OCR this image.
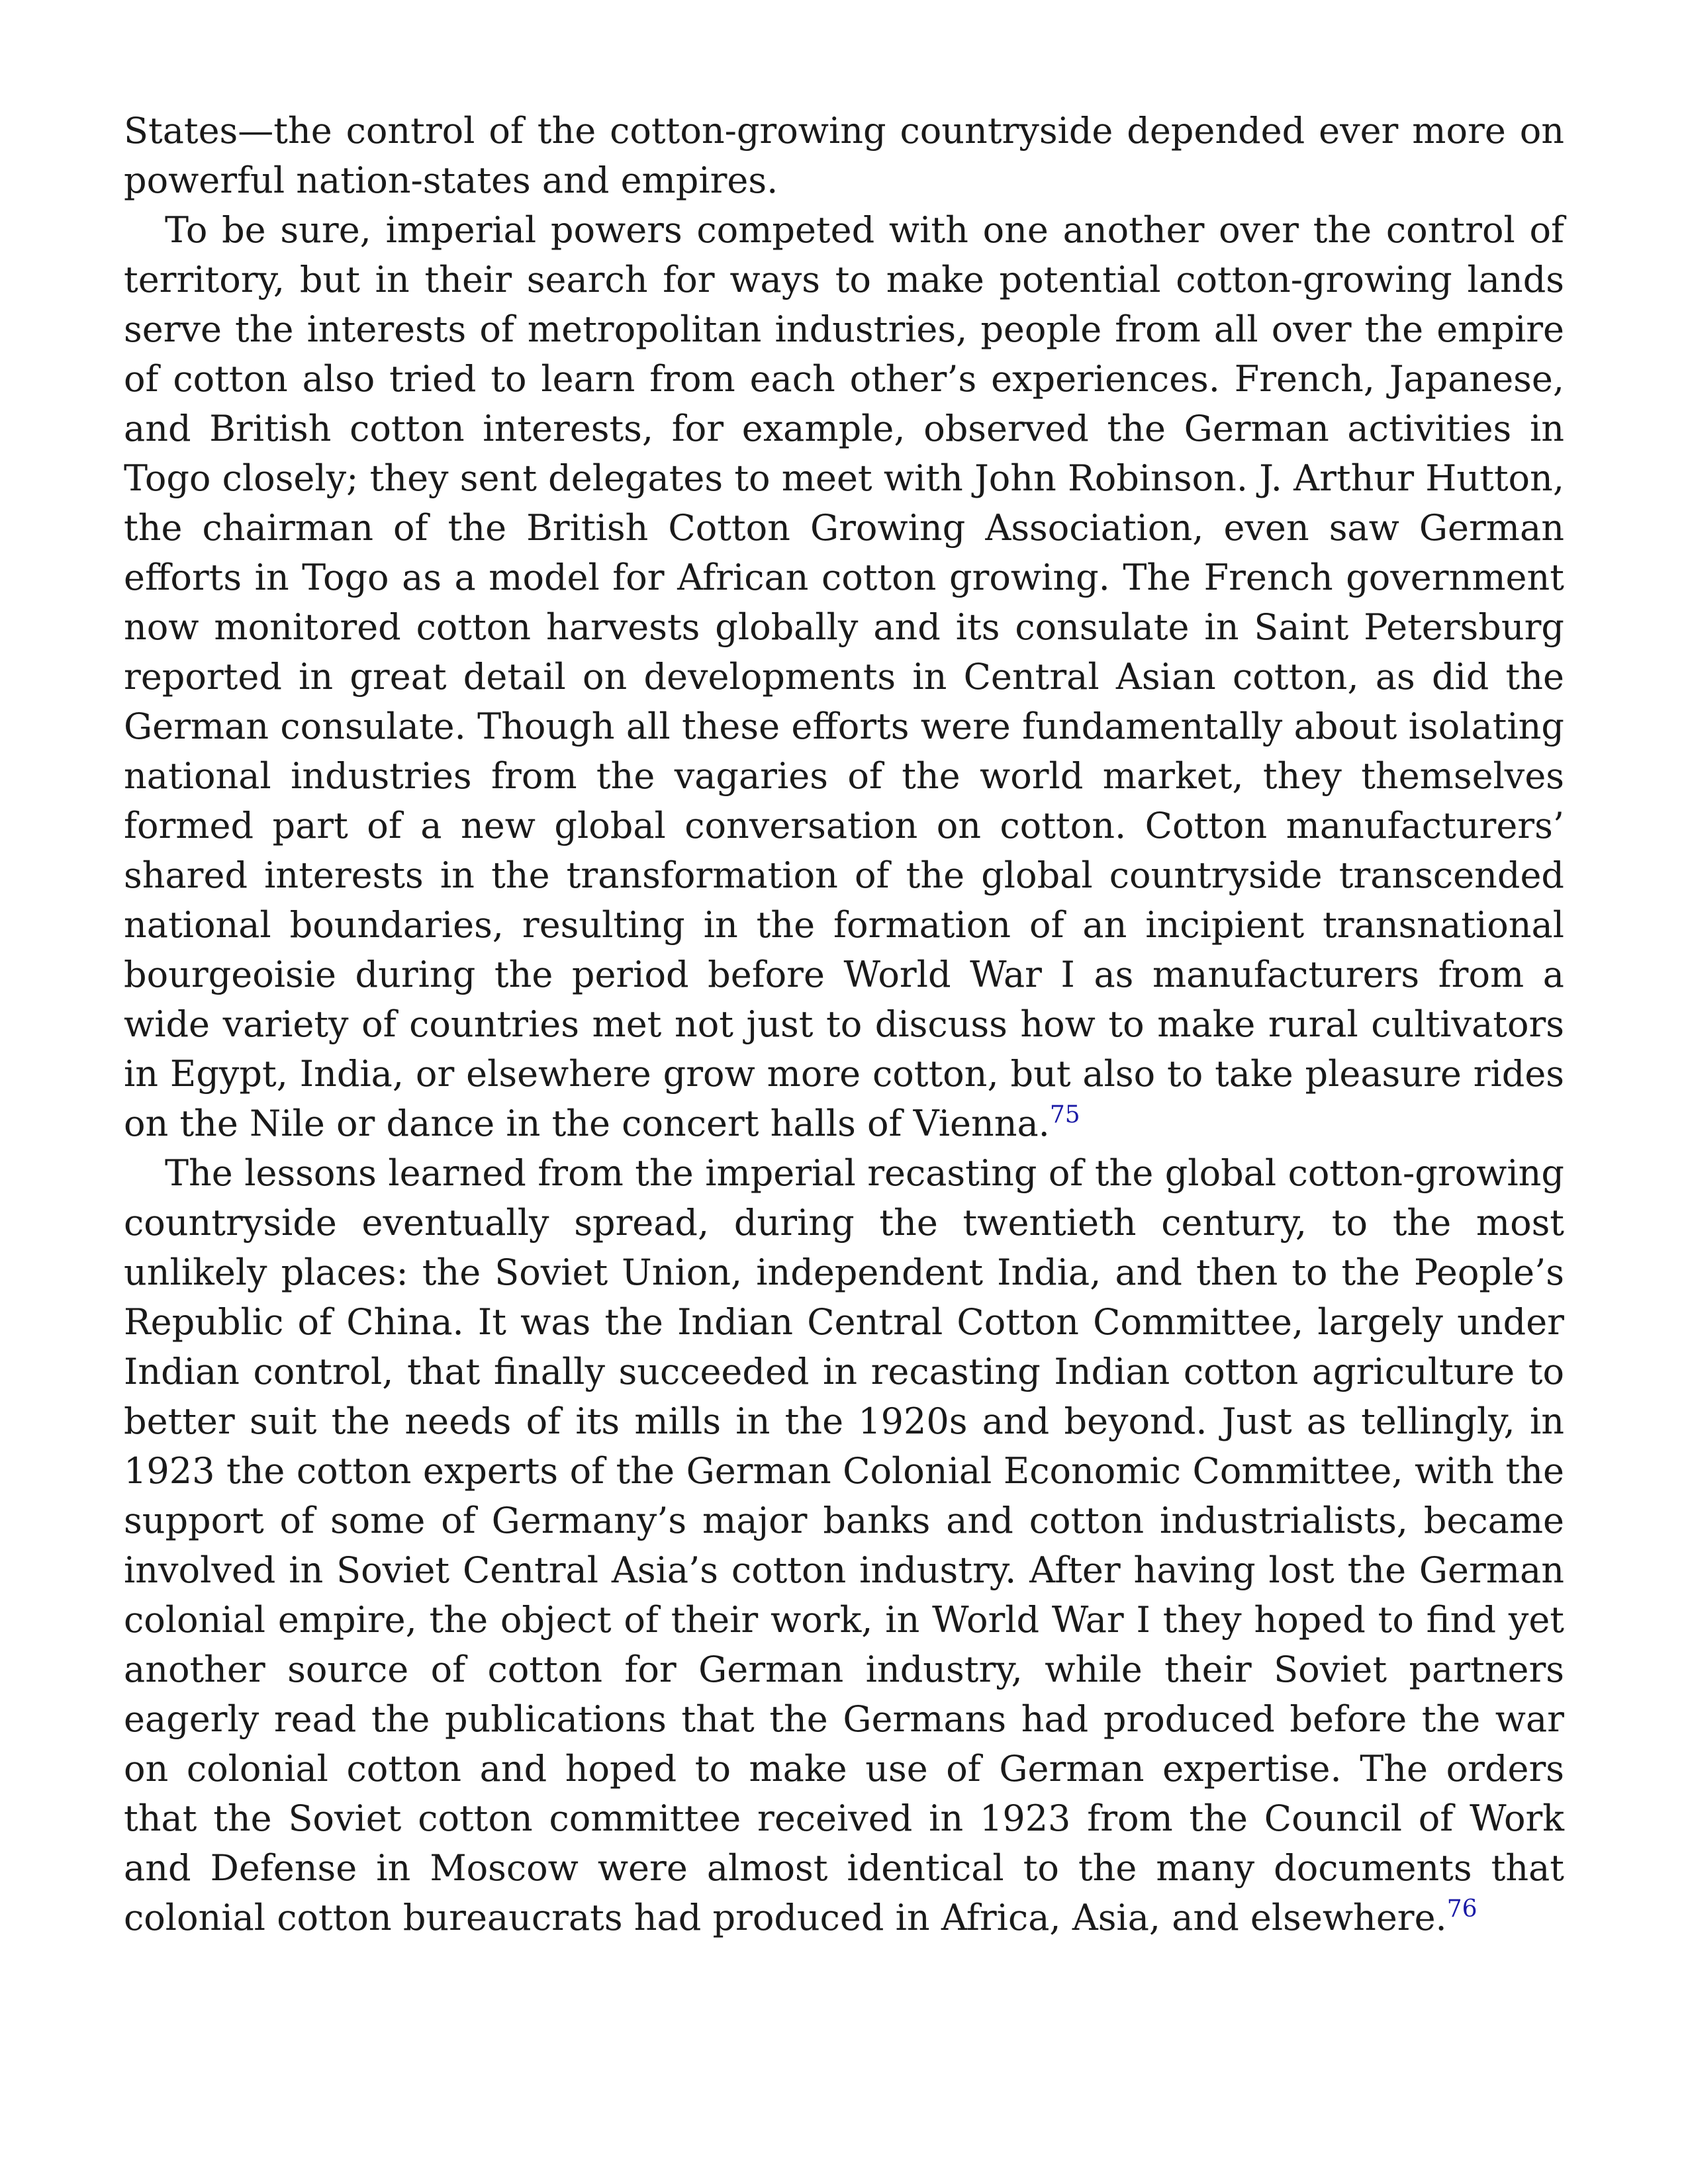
States—the control of the cotton-growing countryside depended ever more on powerful nation-states and empires.

To be sure, imperial powers competed with one another over the control of territory, but in their search for ways to make potential cotton-growing lands serve the interests of metropolitan industries, people from all over the empire of cotton also tried to learn from each other’s experiences. French, Japanese, and British cotton interests, for example, observed the German activities in Togo closely; they sent delegates to meet with John Robinson. J. Arthur Hutton, the chairman of the British Cotton Growing Association, even saw German efforts in Togo as a model for African cotton growing. The French government now monitored cotton harvests globally and its consulate in Saint Petersburg reported in great detail on developments in Central Asian cotton, as did the German consulate. Though all these efforts were fundamentally about isolating national industries from the vagaries of the world market, they themselves formed part of a new global conversation on cotton. Cotton manufacturers’ shared interests in the transformation of the global countryside transcended national boundaries, resulting in the formation of an incipient transnational bourgeoisie during the period before World War I as manufacturers from a wide variety of countries met not just to discuss how to make rural cultivators in Egypt, India, or elsewhere grow more cotton, but also to take pleasure rides on the Nile or dance in the concert halls of Vienna.$^{75}$

The lessons learned from the imperial recasting of the global cotton-growing countryside eventually spread, during the twentieth century, to the most unlikely places: the Soviet Union, independent India, and then to the People’s Republic of China. It was the Indian Central Cotton Committee, largely under Indian control, that finally succeeded in recasting Indian cotton agriculture to better suit the needs of its mills in the 1920s and beyond. Just as tellingly, in 1923 the cotton experts of the German Colonial Economic Committee, with the support of some of Germany’s major banks and cotton industrialists, became involved in Soviet Central Asia’s cotton industry. After having lost the German colonial empire, the object of their work, in World War I they hoped to find yet another source of cotton for German industry, while their Soviet partners eagerly read the publications that the Germans had produced before the war on colonial cotton and hoped to make use of German expertise. The orders that the Soviet cotton committee received in 1923 from the Council of Work and Defense in Moscow were almost identical to the many documents that colonial cotton bureaucrats had produced in Africa, Asia, and elsewhere.$^{76}$
